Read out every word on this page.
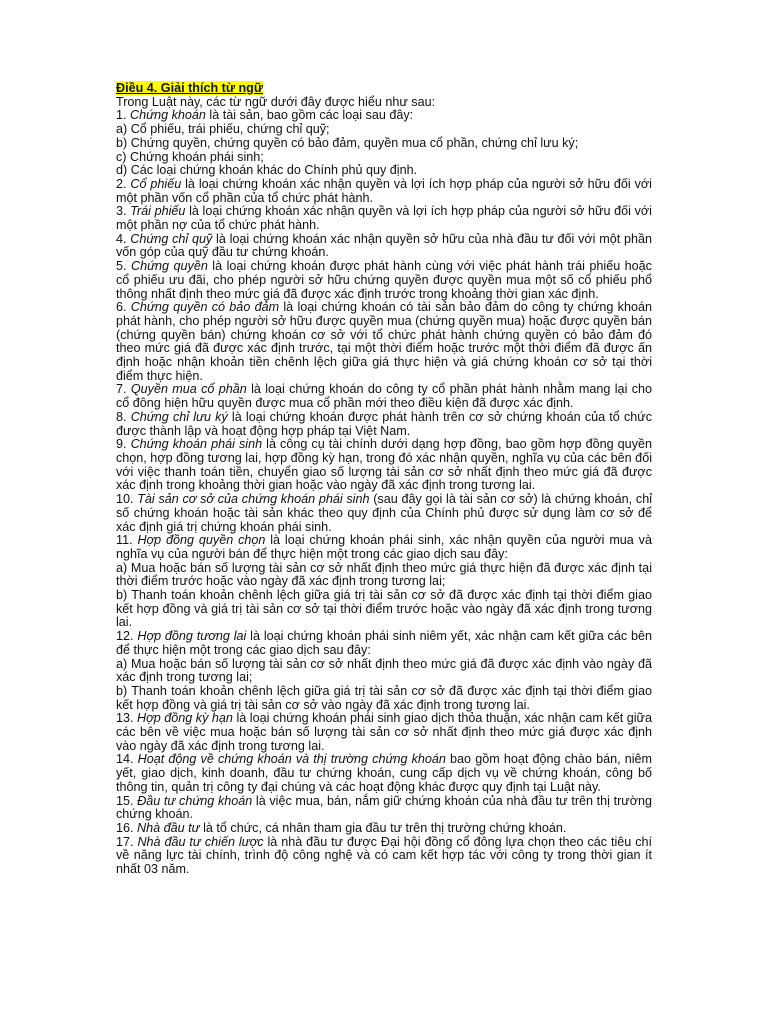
Điều 4. Giải thích từ ngữ

Trong Luật này, các từ ngữ dưới đây được hiểu như sau:

1. Chứng khoán là tài sản, bao gồm các loại sau đây:

a) Cổ phiếu, trái phiếu, chứng chỉ quỹ;

b) Chứng quyền, chứng quyền có bảo đảm, quyền mua cổ phần, chứng chỉ lưu ký;

c) Chứng khoán phái sinh;

d) Các loại chứng khoán khác do Chính phủ quy định.

2. Cổ phiếu là loại chứng khoán xác nhận quyền và lợi ích hợp pháp của người sở hữu đối với một phần vốn cổ phần của tổ chức phát hành.

3. Trái phiếu là loại chứng khoán xác nhận quyền và lợi ích hợp pháp của người sở hữu đối với một phần nợ của tổ chức phát hành.

4. Chứng chỉ quỹ là loại chứng khoán xác nhận quyền sở hữu của nhà đầu tư đối với một phần vốn góp của quỹ đầu tư chứng khoán.

5. Chứng quyền là loại chứng khoán được phát hành cùng với việc phát hành trái phiếu hoặc cổ phiếu ưu đãi, cho phép người sở hữu chứng quyền được quyền mua một số cổ phiếu phổ thông nhất định theo mức giá đã được xác định trước trong khoảng thời gian xác định.

6. Chứng quyền có bảo đảm là loại chứng khoán có tài sản bảo đảm do công ty chứng khoán phát hành, cho phép người sở hữu được quyền mua (chứng quyền mua) hoặc được quyền bán (chứng quyền bán) chứng khoán cơ sở với tổ chức phát hành chứng quyền có bảo đảm đó theo mức giá đã được xác định trước, tại một thời điểm hoặc trước một thời điểm đã được ấn định hoặc nhận khoản tiền chênh lệch giữa giá thực hiện và giá chứng khoán cơ sở tại thời điểm thực hiện.

7. Quyền mua cổ phần là loại chứng khoán do công ty cổ phần phát hành nhằm mang lại cho cổ đông hiện hữu quyền được mua cổ phần mới theo điều kiện đã được xác định.

8. Chứng chỉ lưu ký là loại chứng khoán được phát hành trên cơ sở chứng khoán của tổ chức được thành lập và hoạt động hợp pháp tại Việt Nam.

9. Chứng khoán phái sinh là công cụ tài chính dưới dạng hợp đồng, bao gồm hợp đồng quyền chọn, hợp đồng tương lai, hợp đồng kỳ hạn, trong đó xác nhận quyền, nghĩa vụ của các bên đối với việc thanh toán tiền, chuyển giao số lượng tài sản cơ sở nhất định theo mức giá đã được xác định trong khoảng thời gian hoặc vào ngày đã xác định trong tương lai.

10. Tài sản cơ sở của chứng khoán phái sinh (sau đây gọi là tài sản cơ sở) là chứng khoán, chỉ số chứng khoán hoặc tài sản khác theo quy định của Chính phủ được sử dụng làm cơ sở để xác định giá trị chứng khoán phái sinh.

11. Hợp đồng quyền chọn là loại chứng khoán phái sinh, xác nhận quyền của người mua và nghĩa vụ của người bán để thực hiện một trong các giao dịch sau đây:

a) Mua hoặc bán số lượng tài sản cơ sở nhất định theo mức giá thực hiện đã được xác định tại thời điểm trước hoặc vào ngày đã xác định trong tương lai;

b) Thanh toán khoản chênh lệch giữa giá trị tài sản cơ sở đã được xác định tại thời điểm giao kết hợp đồng và giá trị tài sản cơ sở tại thời điểm trước hoặc vào ngày đã xác định trong tương lai.

12. Hợp đồng tương lai là loại chứng khoán phái sinh niêm yết, xác nhận cam kết giữa các bên để thực hiện một trong các giao dịch sau đây:

a) Mua hoặc bán số lượng tài sản cơ sở nhất định theo mức giá đã được xác định vào ngày đã xác định trong tương lai;

b) Thanh toán khoản chênh lệch giữa giá trị tài sản cơ sở đã được xác định tại thời điểm giao kết hợp đồng và giá trị tài sản cơ sở vào ngày đã xác định trong tương lai.

13. Hợp đồng kỳ hạn là loại chứng khoán phái sinh giao dịch thỏa thuận, xác nhận cam kết giữa các bên về việc mua hoặc bán số lượng tài sản cơ sở nhất định theo mức giá được xác định vào ngày đã xác định trong tương lai.

14. Hoạt động về chứng khoán và thị trường chứng khoán bao gồm hoạt động chào bán, niêm yết, giao dịch, kinh doanh, đầu tư chứng khoán, cung cấp dịch vụ về chứng khoán, công bố thông tin, quản trị công ty đại chúng và các hoạt động khác được quy định tại Luật này.

15. Đầu tư chứng khoán là việc mua, bán, nắm giữ chứng khoán của nhà đầu tư trên thị trường chứng khoán.

16. Nhà đầu tư là tổ chức, cá nhân tham gia đầu tư trên thị trường chứng khoán.

17. Nhà đầu tư chiến lược là nhà đầu tư được Đại hội đồng cổ đông lựa chọn theo các tiêu chí về năng lực tài chính, trình độ công nghệ và có cam kết hợp tác với công ty trong thời gian ít nhất 03 năm.
